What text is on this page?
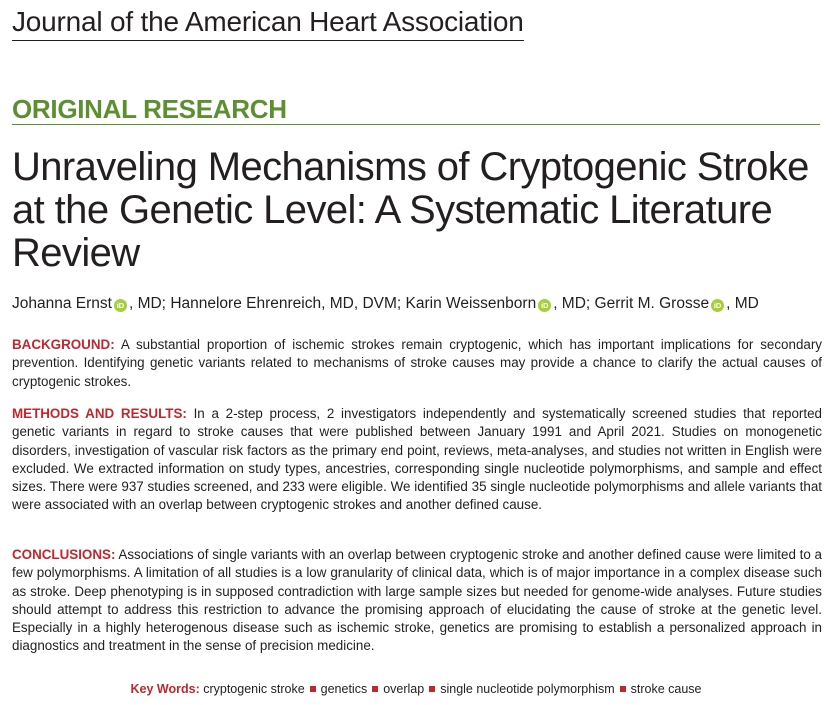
Journal of the American Heart Association
ORIGINAL RESEARCH
Unraveling Mechanisms of Cryptogenic Stroke at the Genetic Level: A Systematic Literature Review
Johanna Ernst iD , MD; Hannelore Ehrenreich, MD, DVM; Karin Weissenborn iD , MD; Gerrit M. Grosse iD , MD

BACKGROUND: A substantial proportion of ischemic strokes remain cryptogenic, which has important implications for secondary prevention. Identifying genetic variants related to mechanisms of stroke causes may provide a chance to clarify the actual causes of cryptogenic strokes.

METHODS AND RESULTS: In a 2-step process, 2 investigators independently and systematically screened studies that reported genetic variants in regard to stroke causes that were published between January 1991 and April 2021. Studies on monogenetic disorders, investigation of vascular risk factors as the primary end point, reviews, meta-analyses, and studies not written in English were excluded. We extracted information on study types, ancestries, corresponding single nucleotide polymorphisms, and sample and effect sizes. There were 937 studies screened, and 233 were eligible. We identified 35 single nucleotide polymorphisms and allele variants that were associated with an overlap between cryptogenic strokes and another defined cause.

CONCLUSIONS: Associations of single variants with an overlap between cryptogenic stroke and another defined cause were limited to a few polymorphisms. A limitation of all studies is a low granularity of clinical data, which is of major importance in a complex disease such as stroke. Deep phenotyping is in supposed contradiction with large sample sizes but needed for genome-wide analyses. Future studies should attempt to address this restriction to advance the promising approach of elucidating the cause of stroke at the genetic level. Especially in a highly heterogenous disease such as ischemic stroke, genetics are promising to establish a personalized approach in diagnostics and treatment in the sense of precision medicine.

Key Words: cryptogenic stroke genetics overlap single nucleotide polymorphism stroke cause
